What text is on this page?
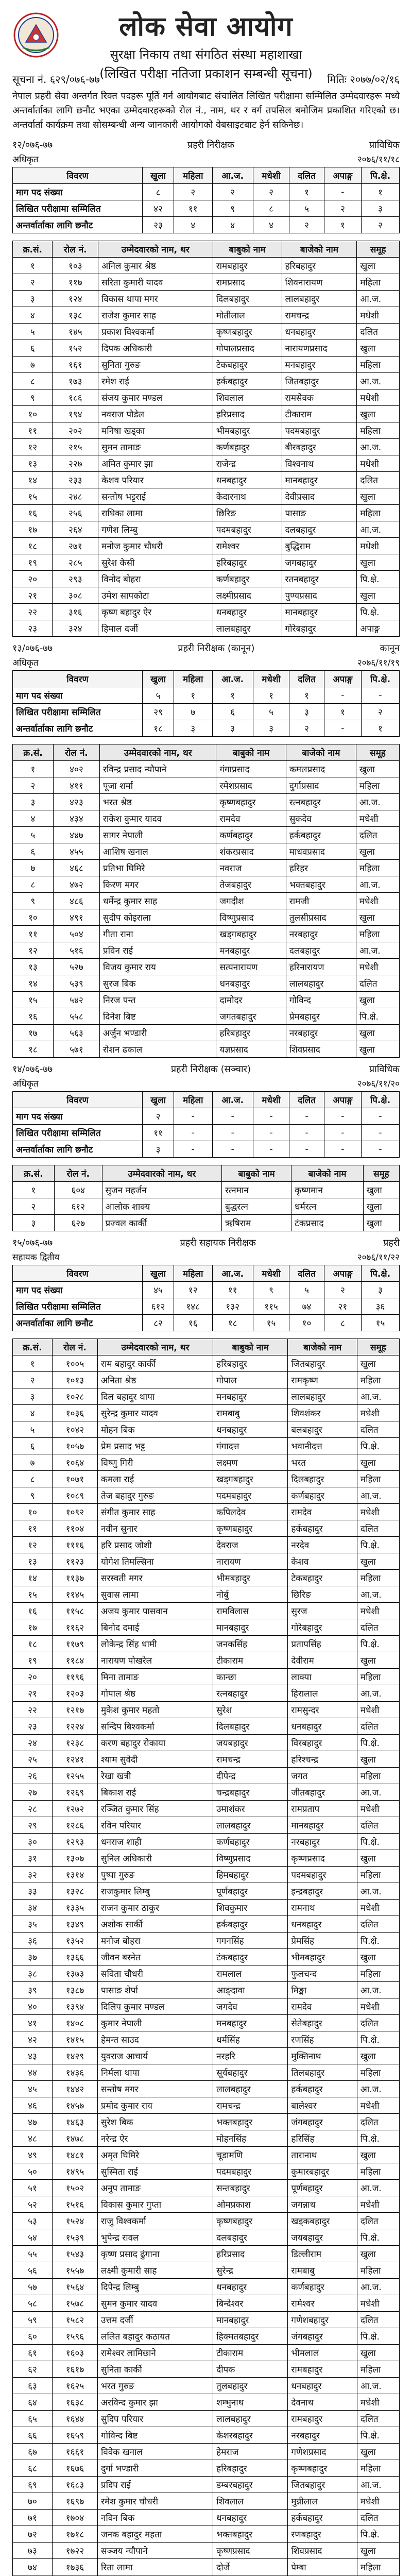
लोक सेवा आयोग
सुरक्षा निकाय तथा संगठित संस्था महाशाखा
(लिखित परीक्षा नतिजा प्रकाशन सम्बन्धी सूचना)
सूचना नं. ६२९/०७६-७७	मितिः २०७७/०२/१६
नेपाल प्रहरी सेवा अन्तर्गत रिक्त पदहरू पूर्ति गर्न आयोगबाट संचालित लिखित परीक्षामा सम्मिलित उम्मेदवारहरू मध्ये अन्तर्वार्ताका लागि छनौट भएका उम्मेदवारहरूको रोल नं., नाम, थर र वर्ग तपसिल बमोजिम प्रकाशित गरिएको छ। अन्तर्वार्ता कार्यक्रम तथा सोसम्बन्धी अन्य जानकारी आयोगको वेबसाइटबाट हेर्न सकिनेछ।
१२/०७६-७७	प्रहरी निरीक्षक	प्राविधिक
अधिकृत	२०७६/११/१८
विवरण	खुला	महिला	आ.ज.	मधेशी	दलित	अपाङ्ग	पि.क्षे.
माग पद संख्या	८	२	२	२	१	-	१
लिखित परीक्षामा सम्मिलित	४२	११	९	८	५	२	३
अन्तर्वार्ताका लागि छनौट	२३	४	४	४	२	१	२
क्र.सं.	रोल नं.	उम्मेदवारको नाम, थर	बाबुको नाम	बाजेको नाम	समूह
१	१०३	अनिल कुमार श्रेष्ठ	रामबहादुर	हरिबहादुर	खुला
२	११७	सरिता कुमारी यादव	रामप्रसाद	शिवनारायण	महिला
३	१२४	विकास थापा मगर	दिलबहादुर	लालबहादुर	आ.ज.
४	१३८	राजेश कुमार साह	मोतीलाल	रामचन्द्र	मधेशी
५	१४५	प्रकाश विश्वकर्मा	कृष्णबहादुर	धनबहादुर	दलित
६	१५२	दिपक अधिकारी	गोपालप्रसाद	नारायणप्रसाद	खुला
७	१६१	सुनिता गुरुङ	टेकबहादुर	मनबहादुर	महिला
८	१७३	रमेश राई	हर्कबहादुर	जितबहादुर	आ.ज.
९	१८६	संजय कुमार मण्डल	शिवलाल	रामसेवक	मधेशी
१०	१९४	नवराज पौडेल	हरिप्रसाद	टीकाराम	खुला
११	२०२	मनिषा खड्का	भीमबहादुर	पदमबहादुर	महिला
१२	२१५	सुमन तामाङ	कर्णबहादुर	बीरबहादुर	आ.ज.
१३	२२७	अमित कुमार झा	राजेन्द्र	विश्वनाथ	मधेशी
१४	२३३	केशव परियार	धनबहादुर	मानबहादुर	दलित
१५	२४८	सन्तोष भट्टराई	केदारनाथ	देवीप्रसाद	खुला
१६	२५६	राधिका लामा	छिरिङ	पासाङ	महिला
१७	२६४	गणेश लिम्बु	पदमबहादुर	दलबहादुर	आ.ज.
१८	२७१	मनोज कुमार चौधरी	रामेश्वर	बुद्धिराम	मधेशी
१९	२८५	सुरेश केसी	हरिबहादुर	जगबहादुर	खुला
२०	२९३	विनोद बोहरा	कर्णबहादुर	रतनबहादुर	पि.क्षे.
२१	३०८	उमेश सापकोटा	लक्ष्मीप्रसाद	पुण्यप्रसाद	खुला
२२	३१६	कृष्ण बहादुर ऐर	धनबहादुर	मानबहादुर	पि.क्षे.
२३	३२४	हिमाल दर्जी	लालबहादुर	गोरेबहादुर	अपाङ्ग
१३/०७६-७७	प्रहरी निरीक्षक (कानून)	कानून
अधिकृत	२०७६/११/१९
विवरण	खुला	महिला	आ.ज.	मधेशी	दलित	अपाङ्ग	पि.क्षे.
माग पद संख्या	५	१	१	१	१	-	-
लिखित परीक्षामा सम्मिलित	२९	७	६	५	३	१	२
अन्तर्वार्ताका लागि छनौट	१८	३	३	३	२	-	१
क्र.सं.	रोल नं.	उम्मेदवारको नाम, थर	बाबुको नाम	बाजेको नाम	समूह
१	४०२	रविन्द्र प्रसाद न्यौपाने	गंगाप्रसाद	कमलप्रसाद	खुला
२	४११	पूजा शर्मा	रमेशप्रसाद	दुर्गाप्रसाद	महिला
३	४२३	भरत श्रेष्ठ	कृष्णबहादुर	रत्नबहादुर	आ.ज.
४	४३४	राकेश कुमार यादव	रामदेव	सुकदेव	मधेशी
५	४४७	सागर नेपाली	कर्णबहादुर	हर्कबहादुर	दलित
६	४५५	आशिष खनाल	शंकरप्रसाद	माधवप्रसाद	खुला
७	४६८	प्रतिभा घिमिरे	नवराज	हरिहर	महिला
८	४७२	किरण मगर	तेजबहादुर	भक्तबहादुर	आ.ज.
९	४८६	धर्मेन्द्र कुमार साह	जगदीश	रामजी	मधेशी
१०	४९१	सुदीप कोइराला	विष्णुप्रसाद	तुलसीप्रसाद	खुला
११	५०४	गीता राना	खड्गबहादुर	नरबहादुर	महिला
१२	५१६	प्रविन राई	मनबहादुर	दलबहादुर	आ.ज.
१३	५२७	विजय कुमार राय	सत्यनारायण	हरिनारायण	मधेशी
१४	५३९	सुरज बिक	धनबहादुर	लालबहादुर	दलित
१५	५४२	निरज पन्त	दामोदर	गोविन्द	खुला
१६	५५८	दिनेश बिष्ट	जगतबहादुर	प्रेमबहादुर	पि.क्षे.
१७	५६३	अर्जुन भण्डारी	हरिबहादुर	नरबहादुर	खुला
१८	५७१	रोशन ढकाल	यज्ञप्रसाद	शिवप्रसाद	खुला
१४/०७६-७७	प्रहरी निरीक्षक (सञ्चार)	प्राविधिक
अधिकृत	२०७६/११/२०
विवरण	खुला	महिला	आ.ज.	मधेशी	दलित	अपाङ्ग	पि.क्षे.
माग पद संख्या	२	-	-	-	-	-	-
लिखित परीक्षामा सम्मिलित	११	-	-	-	-	-	-
अन्तर्वार्ताका लागि छनौट	३	-	-	-	-	-	-
क्र.सं.	रोल नं.	उम्मेदवारको नाम, थर	बाबुको नाम	बाजेको नाम	समूह
१	६०४	सुजन महर्जन	रत्नमान	कृष्णमान	खुला
२	६१२	आलोक शाक्य	बुद्धरत्न	धर्मरत्न	खुला
३	६२७	प्रज्वल कार्की	ऋषिराम	टंकप्रसाद	खुला
१५/०७६-७७	प्रहरी सहायक निरीक्षक	प्रहरी
सहायक द्वितीय	२०७६/११/२२
विवरण	खुला	महिला	आ.ज.	मधेशी	दलित	अपाङ्ग	पि.क्षे.
माग पद संख्या	४५	१२	११	९	५	२	३
लिखित परीक्षामा सम्मिलित	६१२	१४८	१३२	११५	७४	२१	३६
अन्तर्वार्ताका लागि छनौट	८२	१६	१८	१५	१०	८	१५
क्र.सं.	रोल नं.	उम्मेदवारको नाम, थर	बाबुको नाम	बाजेको नाम	समूह
१	१००५	राम बहादुर कार्की	हरिबहादुर	जितबहादुर	खुला
२	१०१३	अनिता श्रेष्ठ	गोपाल	रामकृष्ण	महिला
३	१०२८	दिल बहादुर थापा	मनबहादुर	लालबहादुर	आ.ज.
४	१०३६	सुरेन्द्र कुमार यादव	रामबाबु	शिवशंकर	मधेशी
५	१०४२	मोहन बिक	धनबहादुर	बलबहादुर	दलित
६	१०५७	प्रेम प्रसाद भट्ट	गंगादत्त	भवानीदत्त	पि.क्षे.
७	१०६४	विष्णु गिरी	लक्ष्मण	भरत	खुला
८	१०७१	कमला राई	खड्गबहादुर	दिलबहादुर	महिला
९	१०८९	तेज बहादुर गुरुङ	पदमबहादुर	कर्णबहादुर	आ.ज.
१०	१०९२	संगीत कुमार साह	कपिलदेव	रामदेव	मधेशी
११	११०४	नवीन सुनार	कृष्णबहादुर	हर्कबहादुर	दलित
१२	१११६	हरि प्रसाद जोशी	देवराज	नरदेव	पि.क्षे.
१३	११२३	योगेश तिमल्सिना	नारायण	केशव	खुला
१४	११३७	सरस्वती मगर	भीमबहादुर	टेकबहादुर	महिला
१५	११४५	सुवास लामा	नोर्बु	छिरिङ	आ.ज.
१६	११५८	अजय कुमार पासवान	रामविलास	सुरज	मधेशी
१७	११६२	बिनोद दमाई	मानबहादुर	गोरेबहादुर	दलित
१८	११७९	लोकेन्द्र सिंह धामी	जनकसिंह	प्रतापसिंह	पि.क्षे.
१९	११८४	नारायण पोखरेल	टीकाराम	देवीराम	खुला
२०	११९६	मिना तामाङ	कान्छा	लाक्पा	महिला
२१	१२०३	गोपाल श्रेष्ठ	रत्नबहादुर	हिरालाल	आ.ज.
२२	१२१७	मुकेश कुमार महतो	सुरेश	रामसुन्दर	मधेशी
२३	१२२४	सन्दिप बिश्वकर्मा	दिलबहादुर	धनबहादुर	दलित
२४	१२३८	करण बहादुर रोकाया	जयबहादुर	विरबहादुर	पि.क्षे.
२५	१२४१	श्याम सुवेदी	रामचन्द्र	हरिश्चन्द्र	खुला
२६	१२५५	रेखा खत्री	दीपेन्द्र	जगत	महिला
२७	१२६९	बिकाश राई	चन्द्रबहादुर	जीतबहादुर	आ.ज.
२८	१२७२	रञ्जित कुमार सिंह	उमाशंकर	रामप्रताप	मधेशी
२९	१२८६	रविन परियार	लालबहादुर	मानबहादुर	दलित
३०	१२९३	धनराज शाही	कर्णबहादुर	नरबहादुर	पि.क्षे.
३१	१३०७	सुनिल अधिकारी	विष्णुप्रसाद	कृष्णप्रसाद	खुला
३२	१३१४	पुष्पा गुरुङ	हिमबहादुर	पदमबहादुर	महिला
३३	१३२८	राजकुमार लिम्बु	पूर्णबहादुर	इन्द्रबहादुर	आ.ज.
३४	१३३५	राजन कुमार ठाकुर	शिवकुमार	रामनाथ	मधेशी
३५	१३४९	अशोक सार्की	हर्कबहादुर	धनबहादुर	दलित
३६	१३५२	मनोज बोहरा	गगनसिंह	प्रेमसिंह	पि.क्षे.
३७	१३६६	जीवन बस्नेत	टंकबहादुर	भीमबहादुर	खुला
३८	१३७३	सविता चौधरी	रामलाल	फुलचन्द	महिला
३९	१३८७	पासाङ शेर्पा	आङ्दावा	मिङ्मा	आ.ज.
४०	१३९४	दिलिप कुमार मण्डल	जगदेव	रामदेव	मधेशी
४१	१४०८	कुमार नेपाली	मनबहादुर	सेतेबहादुर	दलित
४२	१४१५	हेमन्त साउद	धर्मसिंह	रणसिंह	पि.क्षे.
४३	१४२९	युवराज आचार्य	नरहरि	मुक्तिनाथ	खुला
४४	१४३६	निर्मला थापा	सूर्यबहादुर	तिलबहादुर	महिला
४५	१४४२	सन्तोष मगर	लालबहादुर	हर्कबहादुर	आ.ज.
४६	१४५७	प्रमोद कुमार राय	रामचन्द्र	बालेश्वर	मधेशी
४७	१४६३	सुरेश बिक	भक्तबहादुर	जंगबहादुर	दलित
४८	१४७८	नरेन्द्र ऐर	मोहनसिंह	हरिसिंह	पि.क्षे.
४९	१४८१	अमृत घिमिरे	चूडामणि	तारानाथ	खुला
५०	१४९५	सुस्मिता राई	पदमबहादुर	कुमारबहादुर	महिला
५१	१५०२	अनुप तामाङ	सन्तबहादुर	पूर्णबहादुर	आ.ज.
५२	१५१६	विकास कुमार गुप्ता	ओमप्रकाश	जगन्नाथ	मधेशी
५३	१५२४	राजु विश्वकर्मा	कृष्णबहादुर	खड्कबहादुर	दलित
५४	१५३९	भुपेन्द्र रावल	दलबहादुर	जयबहादुर	पि.क्षे.
५५	१५४३	कृष्ण प्रसाद ढुंगाना	हरिप्रसाद	डिल्लीराम	खुला
५६	१५५७	लक्ष्मी कुमारी साह	सुरेन्द्र	रामबाबु	महिला
५७	१५६४	दिपेन्द्र लिम्बु	धनबहादुर	कर्णबहादुर	आ.ज.
५८	१५७८	सुमन कुमार यादव	बिन्देश्वर	रामेश्वर	मधेशी
५९	१५८२	उत्तम दर्जी	मानबहादुर	गणेशबहादुर	दलित
६०	१५९६	ललित बहादुर कठायत	हिक्मतबहादुर	जंगबहादुर	पि.क्षे.
६१	१६०३	रामेश्वर लामिछाने	टीकाराम	भीमलाल	खुला
६२	१६१७	सुनिता कार्की	दीपक	रामबहादुर	महिला
६३	१६२५	भरत गुरुङ	तुलबहादुर	धनबहादुर	आ.ज.
६४	१६३८	अरविन्द कुमार झा	शम्भुनाथ	देवनाथ	मधेशी
६५	१६४४	सुदिप परियार	लालबहादुर	रामबहादुर	दलित
६६	१६५९	गोविन्द बिष्ट	केशरबहादुर	नरबहादुर	पि.क्षे.
६७	१६६१	विवेक खनाल	हेमराज	गणेशप्रसाद	खुला
६८	१६७६	दुर्गा भण्डारी	हरिबहादुर	कृष्णबहादुर	महिला
६९	१६८३	प्रदिप राई	डम्बरबहादुर	जितबहादुर	आ.ज.
७०	१६९७	रमेश कुमार चौधरी	शिवलाल	मुन्नीलाल	मधेशी
७१	१७०४	नविन बिक	धनबहादुर	हर्कबहादुर	दलित
७२	१७१८	जनक बहादुर महता	भक्तबहादुर	रणबहादुर	पि.क्षे.
७३	१७२२	सञ्जय न्यौपाने	कृष्णप्रसाद	शिवप्रसाद	खुला
७४	१७३६	रिता लामा	दोर्जे	पेम्बा	महिला
